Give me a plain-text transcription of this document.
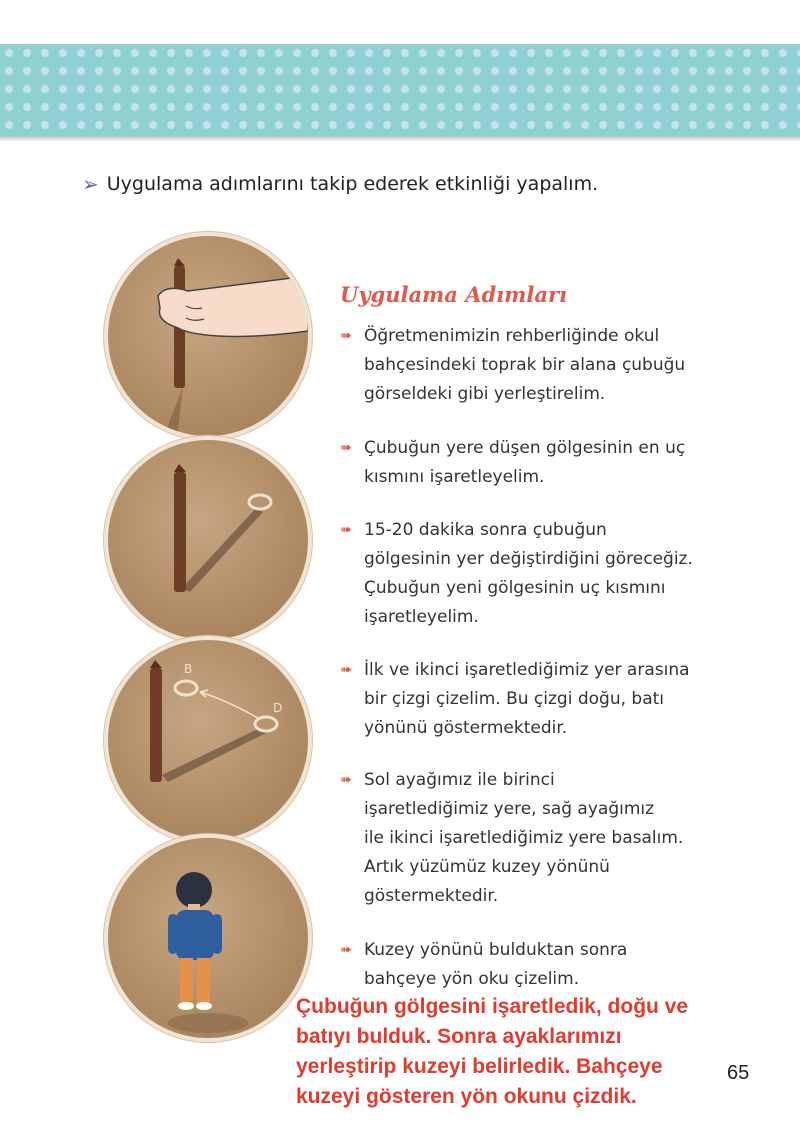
➢ Uygulama adımlarını takip ederek etkinliği yapalım.
B
D
Uygulama Adımları
➠ Öğretmenimizin rehberliğinde okul
bahçesindeki toprak bir alana çubuğu
görseldeki gibi yerleştirelim.
➠ Çubuğun yere düşen gölgesinin en uç
kısmını işaretleyelim.
➠ 15-20 dakika sonra çubuğun
gölgesinin yer değiştirdiğini göreceğiz.
Çubuğun yeni gölgesinin uç kısmını
işaretleyelim.
➠ İlk ve ikinci işaretlediğimiz yer arasına
bir çizgi çizelim. Bu çizgi doğu, batı
yönünü göstermektedir.
➠ Sol ayağımız ile birinci
işaretlediğimiz yere, sağ ayağımız
ile ikinci işaretlediğimiz yere basalım.
Artık yüzümüz kuzey yönünü
göstermektedir.
➠ Kuzey yönünü bulduktan sonra
bahçeye yön oku çizelim.
Çubuğun gölgesini işaretledik, doğu ve
batıyı bulduk. Sonra ayaklarımızı
yerleştirip kuzeyi belirledik. Bahçeye
kuzeyi gösteren yön okunu çizdik.
65
